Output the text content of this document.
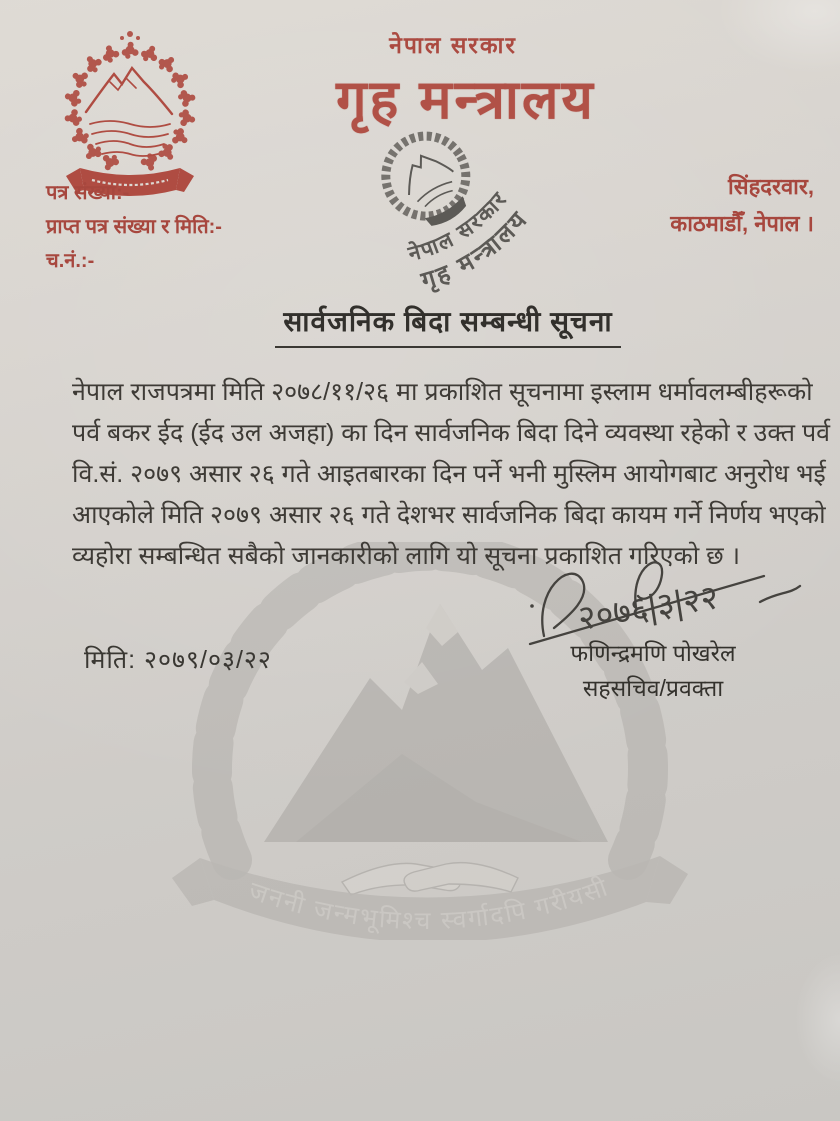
नेपाल सरकार
गृह मन्त्रालय
नेपाल सरकार
गृह मन्त्रालय
पत्र संख्या:-
प्राप्त पत्र संख्या र मिति:-
च.नं.:-
सिंहदरवार,
काठमाडौँ, नेपाल ।
सार्वजनिक बिदा सम्बन्धी सूचना
जननी जन्मभूमिश्च स्वर्गादपि गरीयसी
नेपाल राजपत्रमा मिति २०७८/११/२६ मा प्रकाशित सूचनामा इस्लाम धर्मावलम्बीहरूको
पर्व बकर ईद (ईद उल अजहा) का दिन सार्वजनिक बिदा दिने व्यवस्था रहेको र उक्त पर्व
वि.सं. २०७९ असार २६ गते आइतबारका दिन पर्ने भनी मुस्लिम आयोगबाट अनुरोध भई
आएकोले मिति २०७९ असार २६ गते देशभर सार्वजनिक बिदा कायम गर्ने निर्णय भएको
व्यहोरा सम्बन्धित सबैको जानकारीको लागि यो सूचना प्रकाशित गरिएको छ ।
२०७६|३|२२
फणिन्द्रमणि पोखरेल
सहसचिव/प्रवक्ता
मिति: २०७९/०३/२२
